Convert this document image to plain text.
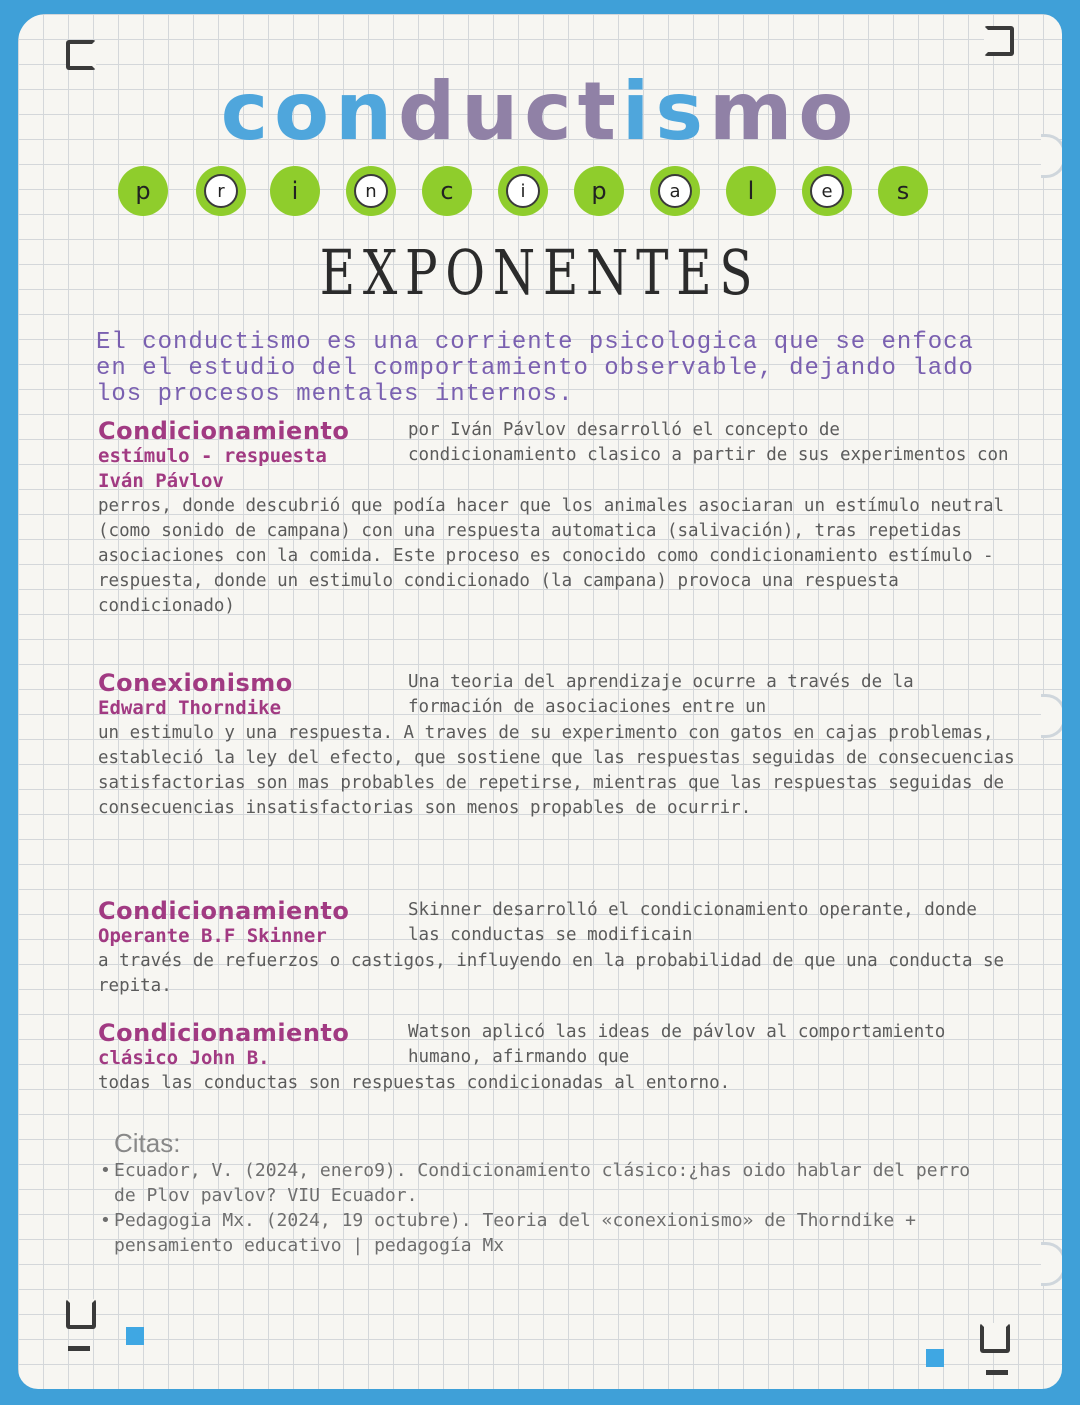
conductismo
p	r	i	n	c	i	p	a	l	e	s
EXPONENTES
El conductismo es una corriente psicologica que se enfoca en el estudio del comportamiento observable, dejando lado los procesos mentales internos.
Condicionamiento
estímulo - respuesta
Iván Pávlov
por Iván Pávlov desarrolló el concepto de condicionamiento clasico a partir de sus experimentos con
perros, donde descubrió que podía hacer que los animales asociaran un estímulo neutral (como sonido de campana) con una respuesta automatica (salivación), tras repetidas asociaciones con la comida. Este proceso es conocido como condicionamiento estímulo - respuesta, donde un estimulo condicionado (la campana) provoca una respuesta condicionado)
Conexionismo
Edward Thorndike
Una teoria del aprendizaje ocurre a través de la formación de asociaciones entre un
un estimulo y una respuesta. A traves de su experimento con gatos en cajas problemas, estableció la ley del efecto, que sostiene que las respuestas seguidas de consecuencias satisfactorias son mas probables de repetirse, mientras que las respuestas seguidas de consecuencias insatisfactorias son menos propables de ocurrir.
Condicionamiento
Operante B.F Skinner
Skinner desarrolló el condicionamiento operante, donde las conductas se modificain
a través de refuerzos o castigos, influyendo en la probabilidad de que una conducta se repita.
Condicionamiento
clásico John B.
Watson aplicó las ideas de pávlov al comportamiento humano, afirmando que
todas las conductas son respuestas condicionadas al entorno.
Citas:
• Ecuador, V. (2024, enero9). Condicionamiento clásico:¿has oido hablar del perro de Plov pavlov? VIU Ecuador.
• Pedagogia Mx. (2024, 19 octubre). Teoria del «conexionismo» de Thorndike + pensamiento educativo | pedagogía Mx
